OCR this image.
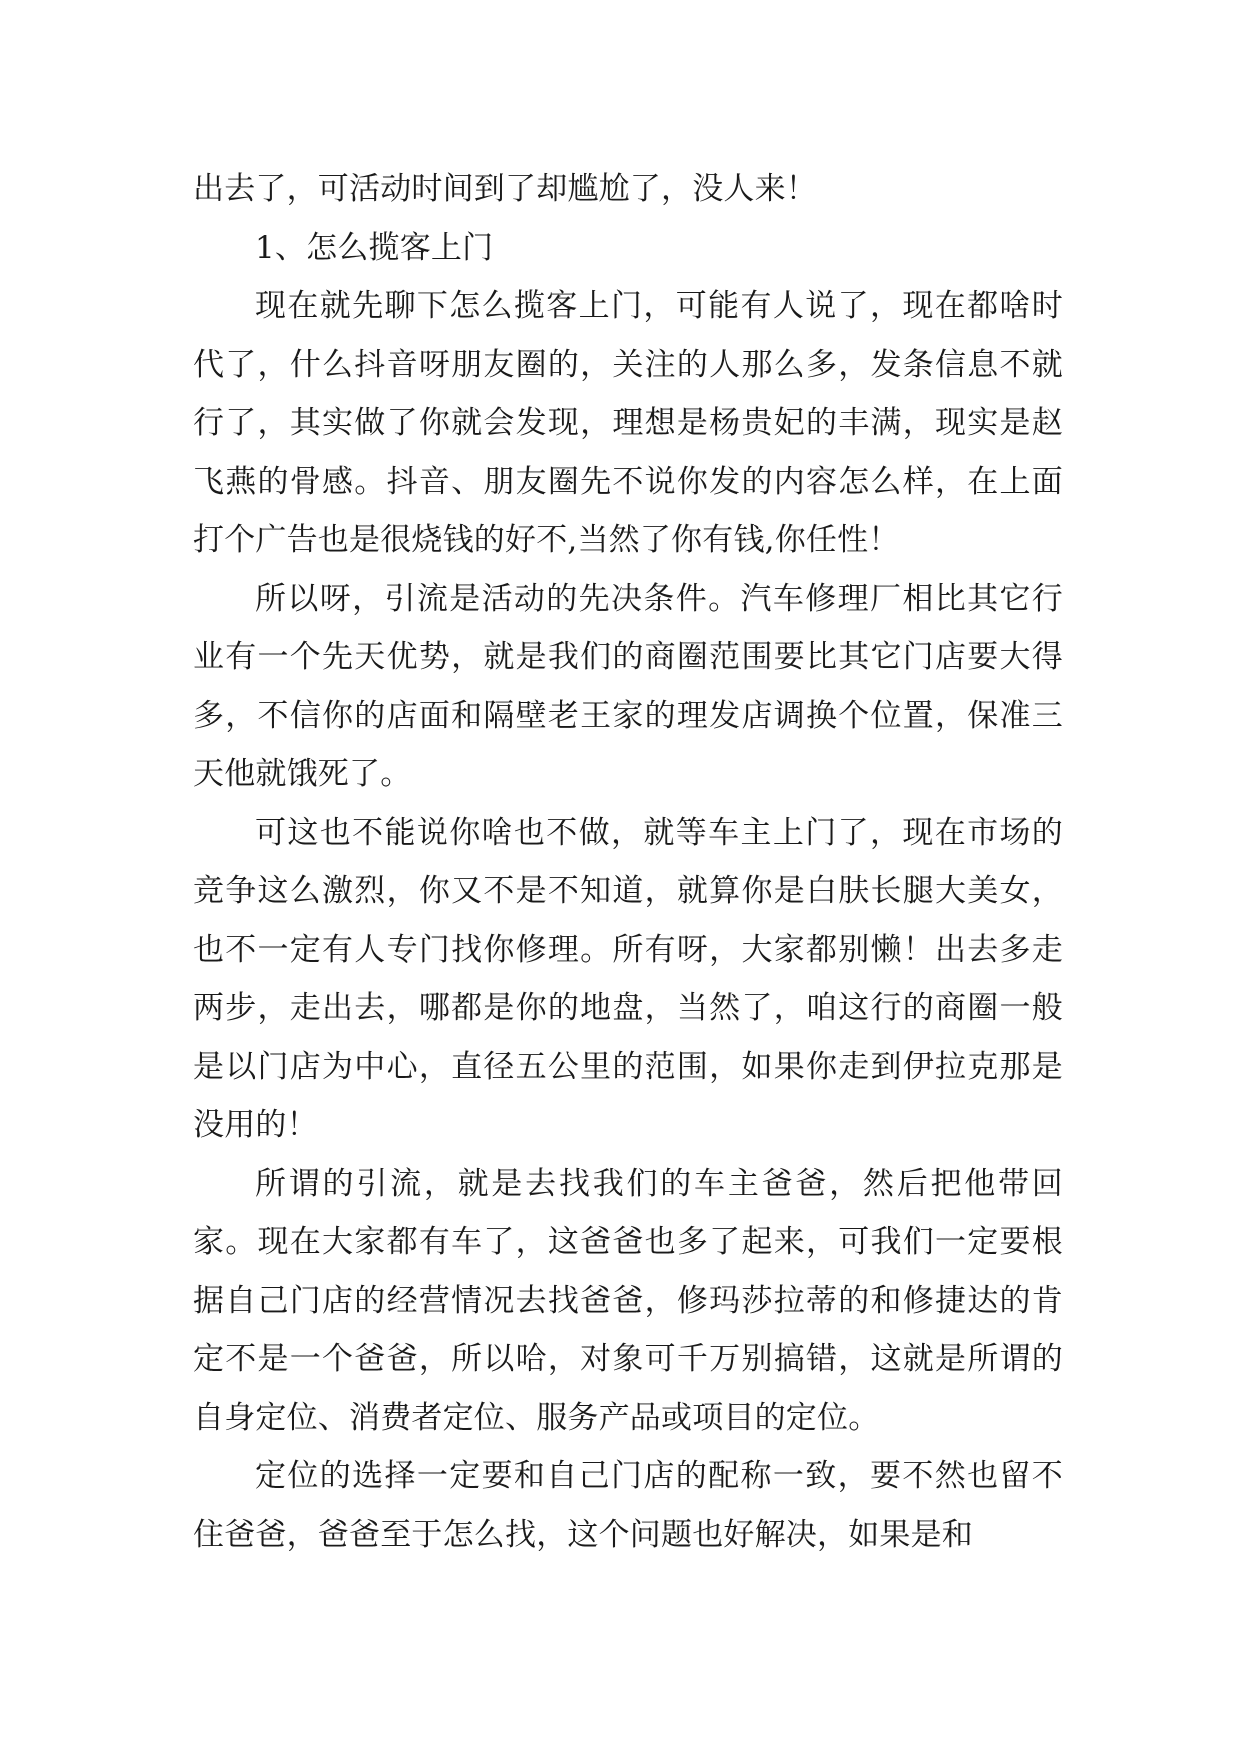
出去了，可活动时间到了却尴尬了，没人来！

1、怎么揽客上门

现在就先聊下怎么揽客上门，可能有人说了，现在都啥时代了，什么抖音呀朋友圈的，关注的人那么多，发条信息不就行了，其实做了你就会发现，理想是杨贵妃的丰满，现实是赵飞燕的骨感。抖音、朋友圈先不说你发的内容怎么样，在上面打个广告也是很烧钱的好不,当然了你有钱,你任性！

所以呀，引流是活动的先决条件。汽车修理厂相比其它行业有一个先天优势，就是我们的商圈范围要比其它门店要大得多，不信你的店面和隔壁老王家的理发店调换个位置，保准三天他就饿死了。

可这也不能说你啥也不做，就等车主上门了，现在市场的竞争这么激烈，你又不是不知道，就算你是白肤长腿大美女，也不一定有人专门找你修理。所有呀，大家都别懒！出去多走两步，走出去，哪都是你的地盘，当然了，咱这行的商圈一般是以门店为中心，直径五公里的范围，如果你走到伊拉克那是没用的！

所谓的引流，就是去找我们的车主爸爸，然后把他带回家。现在大家都有车了，这爸爸也多了起来，可我们一定要根据自己门店的经营情况去找爸爸，修玛莎拉蒂的和修捷达的肯定不是一个爸爸，所以哈，对象可千万别搞错，这就是所谓的自身定位、消费者定位、服务产品或项目的定位。

定位的选择一定要和自己门店的配称一致，要不然也留不住爸爸，爸爸至于怎么找，这个问题也好解决，如果是和
